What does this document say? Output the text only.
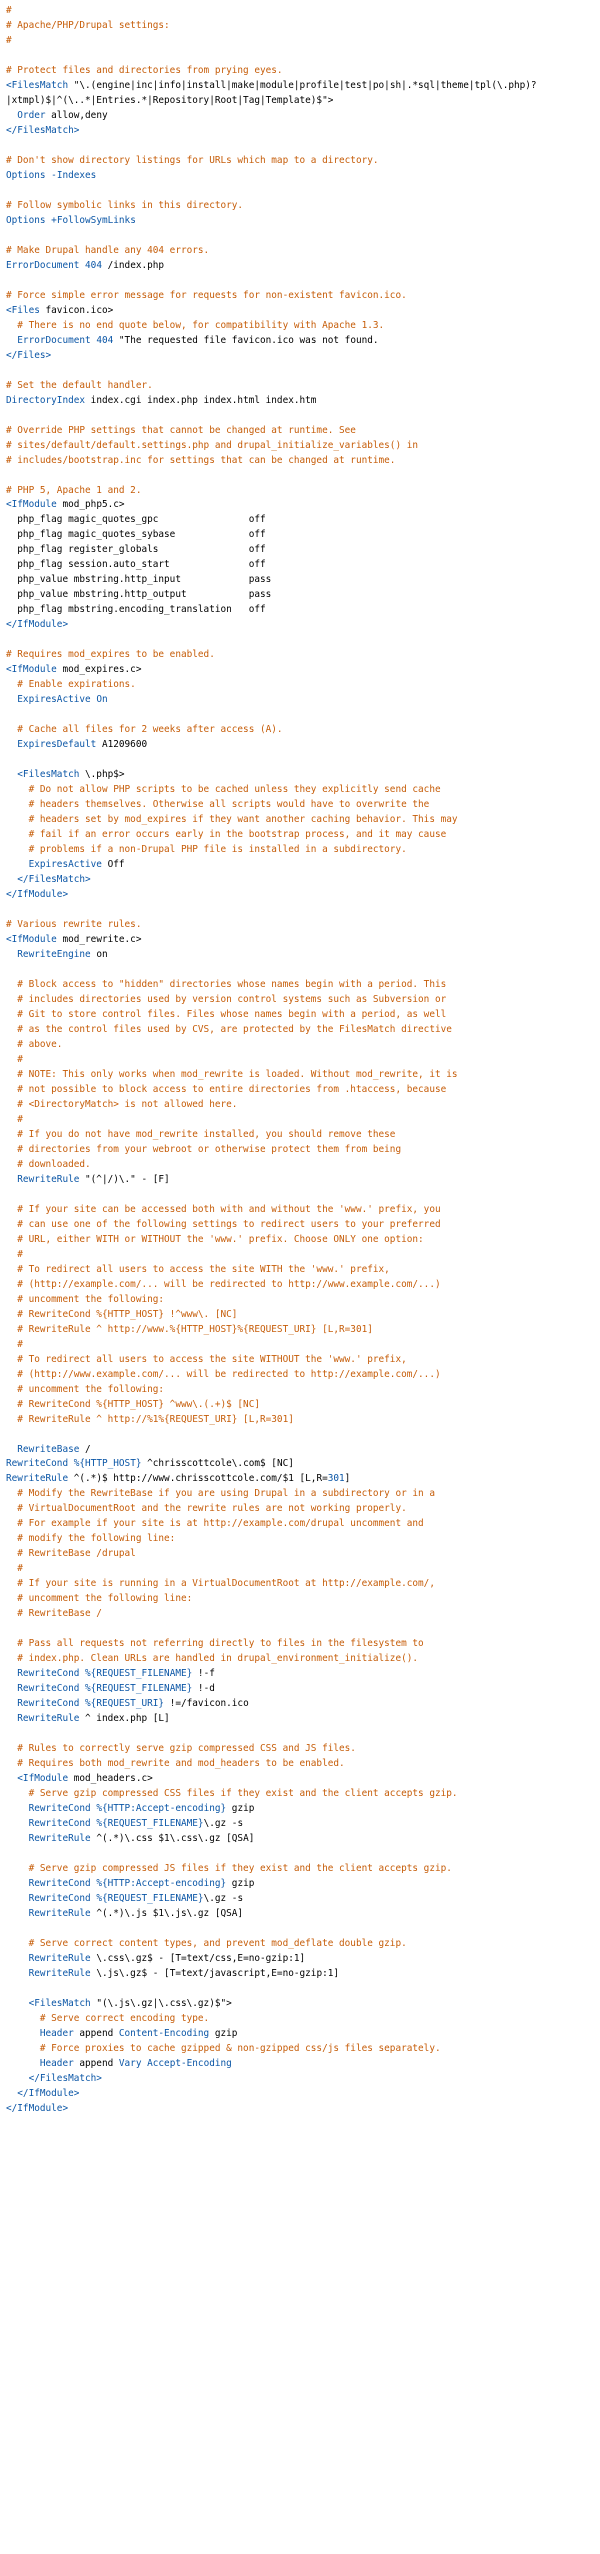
#
# Apache/PHP/Drupal settings:
#

# Protect files and directories from prying eyes.
<FilesMatch "\.(engine|inc|info|install|make|module|profile|test|po|sh|.*sql|theme|tpl(\.php)?
|xtmpl)$|^(\..*|Entries.*|Repository|Root|Tag|Template)$">
Order allow,deny
</FilesMatch>

# Don't show directory listings for URLs which map to a directory.
Options -Indexes

# Follow symbolic links in this directory.
Options +FollowSymLinks

# Make Drupal handle any 404 errors.
ErrorDocument 404 /index.php

# Force simple error message for requests for non-existent favicon.ico.
<Files favicon.ico>
# There is no end quote below, for compatibility with Apache 1.3.
ErrorDocument 404 "The requested file favicon.ico was not found.
</Files>

# Set the default handler.
DirectoryIndex index.cgi index.php index.html index.htm

# Override PHP settings that cannot be changed at runtime. See
# sites/default/default.settings.php and drupal_initialize_variables() in
# includes/bootstrap.inc for settings that can be changed at runtime.

# PHP 5, Apache 1 and 2.
<IfModule mod_php5.c>
php_flag magic_quotes_gpc                off
php_flag magic_quotes_sybase             off
php_flag register_globals                off
php_flag session.auto_start              off
php_value mbstring.http_input            pass
php_value mbstring.http_output           pass
php_flag mbstring.encoding_translation   off
</IfModule>

# Requires mod_expires to be enabled.
<IfModule mod_expires.c>
# Enable expirations.
ExpiresActive On

# Cache all files for 2 weeks after access (A).
ExpiresDefault A1209600

<FilesMatch \.php$>
# Do not allow PHP scripts to be cached unless they explicitly send cache
# headers themselves. Otherwise all scripts would have to overwrite the
# headers set by mod_expires if they want another caching behavior. This may
# fail if an error occurs early in the bootstrap process, and it may cause
# problems if a non-Drupal PHP file is installed in a subdirectory.
ExpiresActive Off
</FilesMatch>
</IfModule>

# Various rewrite rules.
<IfModule mod_rewrite.c>
RewriteEngine on

# Block access to "hidden" directories whose names begin with a period. This
# includes directories used by version control systems such as Subversion or
# Git to store control files. Files whose names begin with a period, as well
# as the control files used by CVS, are protected by the FilesMatch directive
# above.
#
# NOTE: This only works when mod_rewrite is loaded. Without mod_rewrite, it is
# not possible to block access to entire directories from .htaccess, because
# <DirectoryMatch> is not allowed here.
#
# If you do not have mod_rewrite installed, you should remove these
# directories from your webroot or otherwise protect them from being
# downloaded.
RewriteRule "(^|/)\." - [F]

# If your site can be accessed both with and without the 'www.' prefix, you
# can use one of the following settings to redirect users to your preferred
# URL, either WITH or WITHOUT the 'www.' prefix. Choose ONLY one option:
#
# To redirect all users to access the site WITH the 'www.' prefix,
# (http://example.com/... will be redirected to http://www.example.com/...)
# uncomment the following:
# RewriteCond %{HTTP_HOST} !^www\. [NC]
# RewriteRule ^ http://www.%{HTTP_HOST}%{REQUEST_URI} [L,R=301]
#
# To redirect all users to access the site WITHOUT the 'www.' prefix,
# (http://www.example.com/... will be redirected to http://example.com/...)
# uncomment the following:
# RewriteCond %{HTTP_HOST} ^www\.(.+)$ [NC]
# RewriteRule ^ http://%1%{REQUEST_URI} [L,R=301]

RewriteBase /
RewriteCond %{HTTP_HOST} ^chrisscottcole\.com$ [NC]
RewriteRule ^(.*)$ http://www.chrisscottcole.com/$1 [L,R=301]
# Modify the RewriteBase if you are using Drupal in a subdirectory or in a
# VirtualDocumentRoot and the rewrite rules are not working properly.
# For example if your site is at http://example.com/drupal uncomment and
# modify the following line:
# RewriteBase /drupal
#
# If your site is running in a VirtualDocumentRoot at http://example.com/,
# uncomment the following line:
# RewriteBase /

# Pass all requests not referring directly to files in the filesystem to
# index.php. Clean URLs are handled in drupal_environment_initialize().
RewriteCond %{REQUEST_FILENAME} !-f
RewriteCond %{REQUEST_FILENAME} !-d
RewriteCond %{REQUEST_URI} !=/favicon.ico
RewriteRule ^ index.php [L]

# Rules to correctly serve gzip compressed CSS and JS files.
# Requires both mod_rewrite and mod_headers to be enabled.
<IfModule mod_headers.c>
# Serve gzip compressed CSS files if they exist and the client accepts gzip.
RewriteCond %{HTTP:Accept-encoding} gzip
RewriteCond %{REQUEST_FILENAME}\.gz -s
RewriteRule ^(.*)\.css $1\.css\.gz [QSA]

# Serve gzip compressed JS files if they exist and the client accepts gzip.
RewriteCond %{HTTP:Accept-encoding} gzip
RewriteCond %{REQUEST_FILENAME}\.gz -s
RewriteRule ^(.*)\.js $1\.js\.gz [QSA]

# Serve correct content types, and prevent mod_deflate double gzip.
RewriteRule \.css\.gz$ - [T=text/css,E=no-gzip:1]
RewriteRule \.js\.gz$ - [T=text/javascript,E=no-gzip:1]

<FilesMatch "(\.js\.gz|\.css\.gz)$">
# Serve correct encoding type.
Header append Content-Encoding gzip
# Force proxies to cache gzipped & non-gzipped css/js files separately.
Header append Vary Accept-Encoding
</FilesMatch>
</IfModule>
</IfModule>
